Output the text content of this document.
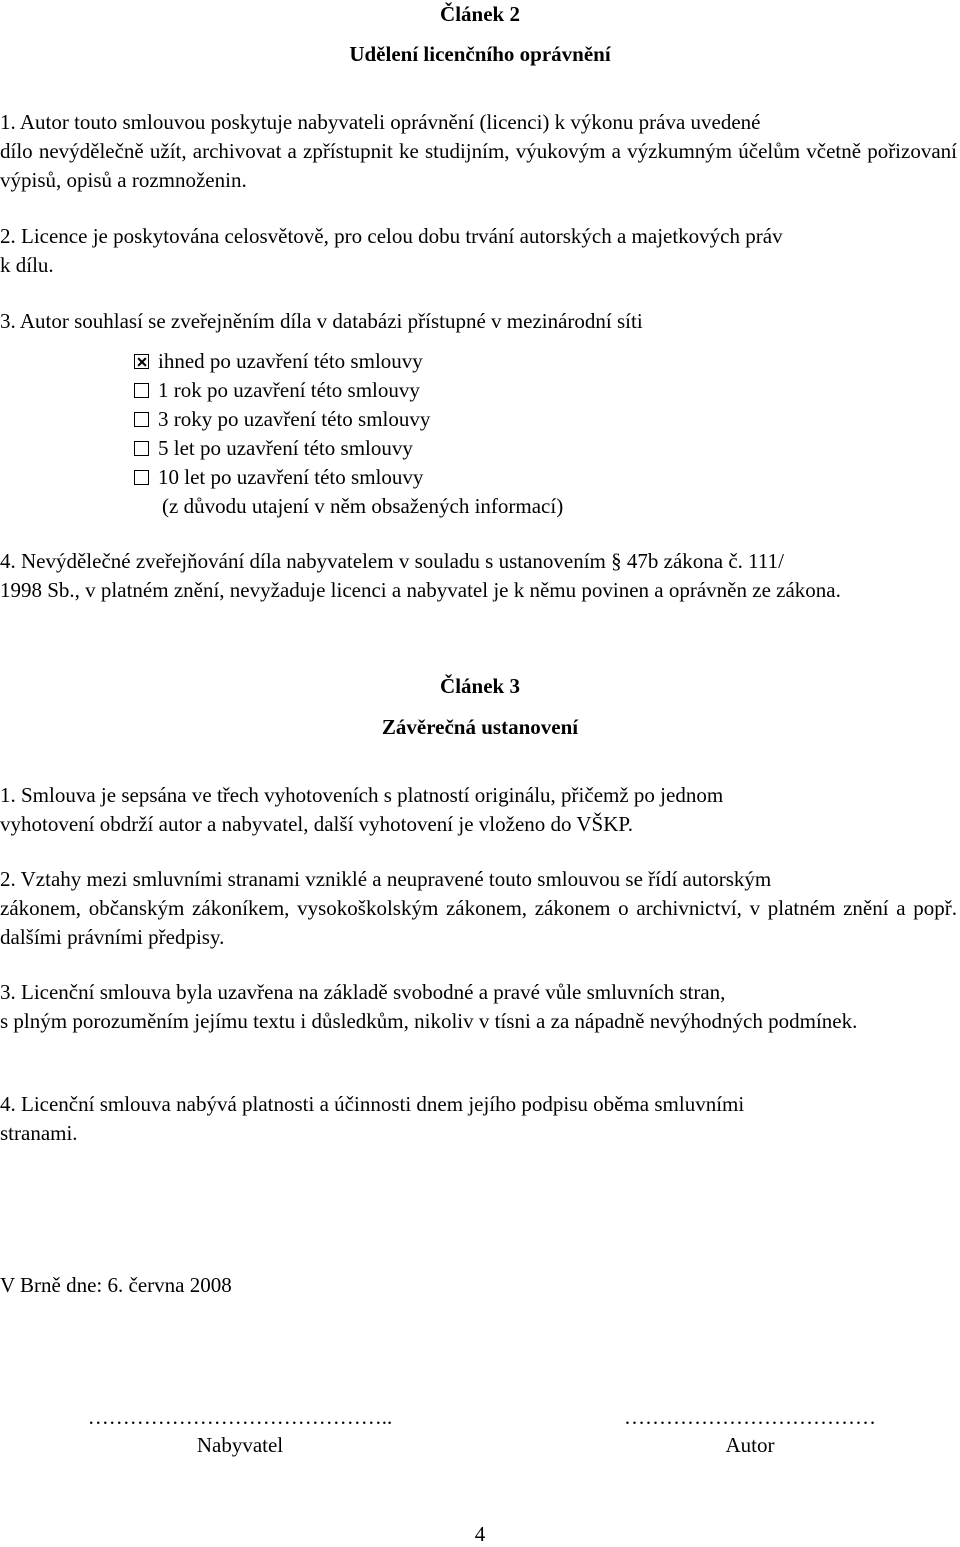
Článek 2
Udělení licenčního oprávnění
1. Autor touto smlouvou poskytuje nabyvateli oprávnění (licenci) k výkonu práva uvedené
dílo nevýdělečně užít, archivovat a zpřístupnit ke studijním, výukovým a výzkumným účelům včetně pořizovaní výpisů, opisů a rozmnoženin.
2. Licence je poskytována celosvětově, pro celou dobu trvání autorských a majetkových práv
k dílu.
3. Autor souhlasí se zveřejněním díla v databázi přístupné v mezinárodní síti
ihned po uzavření této smlouvy
1 rok po uzavření této smlouvy
3 roky po uzavření této smlouvy
5 let po uzavření této smlouvy
10 let po uzavření této smlouvy
(z důvodu utajení v něm obsažených informací)
4. Nevýdělečné zveřejňování díla nabyvatelem v souladu s ustanovením § 47b zákona č. 111/
1998 Sb., v platném znění, nevyžaduje licenci a nabyvatel je k němu povinen a oprávněn ze zákona.
Článek 3
Závěrečná ustanovení
1. Smlouva je sepsána ve třech vyhotoveních s platností originálu, přičemž po jednom
vyhotovení obdrží autor a nabyvatel, další vyhotovení je vloženo do VŠKP.
2. Vztahy mezi smluvními stranami vzniklé a neupravené touto smlouvou se řídí autorským
zákonem, občanským zákoníkem, vysokoškolským zákonem, zákonem o archivnictví, v platném znění a popř. dalšími právními předpisy.
3. Licenční smlouva byla uzavřena na základě svobodné a pravé vůle smluvních stran,
s plným porozuměním jejímu textu i důsledkům, nikoliv v tísni a za nápadně nevýhodných podmínek.
4. Licenční smlouva nabývá platnosti a účinnosti dnem jejího podpisu oběma smluvními
stranami.
V Brně dne: 6. června 2008
……………………………………..
Nabyvatel
………………………………
Autor
4
